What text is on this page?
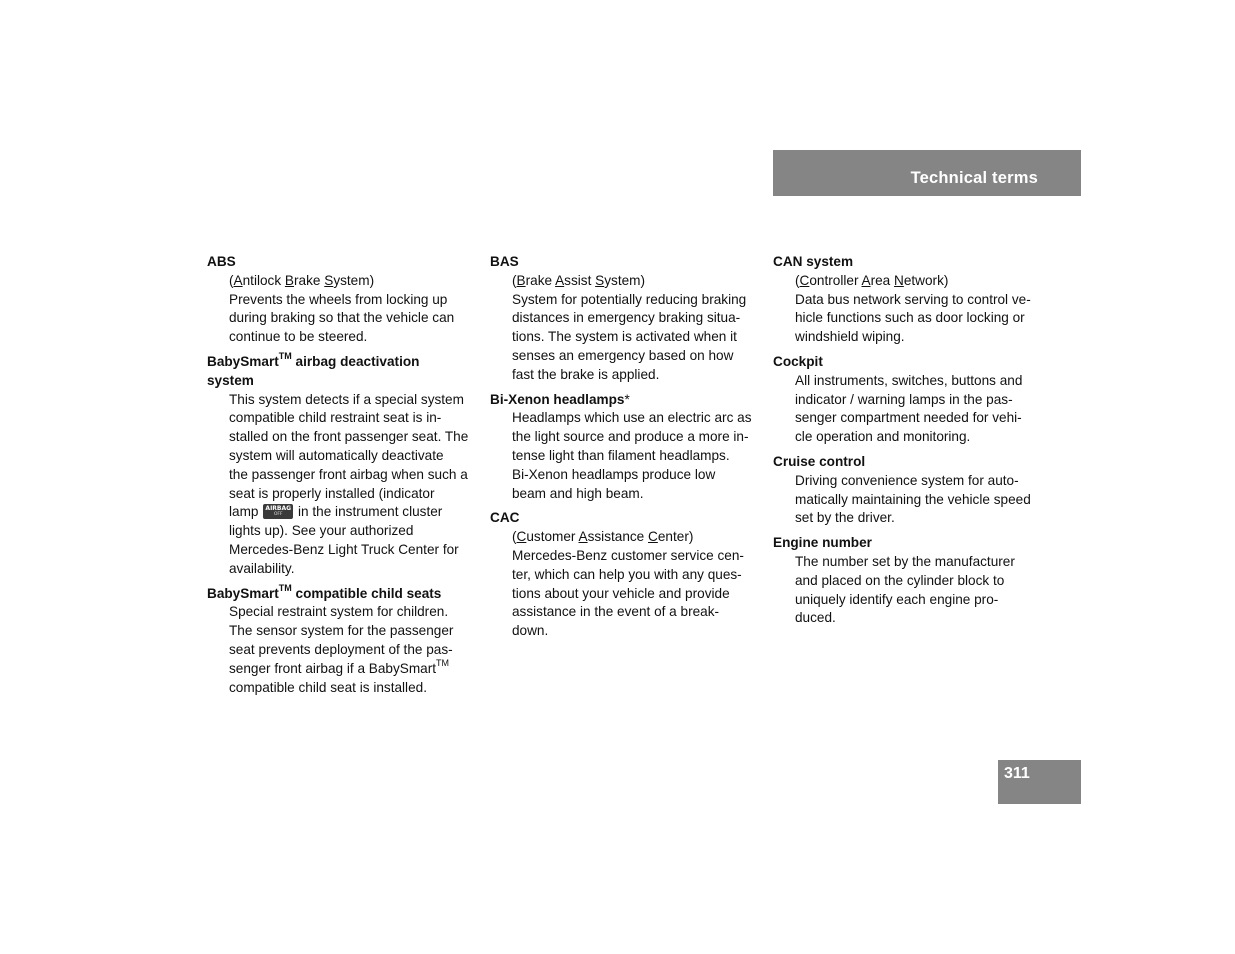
Technical terms
ABS
(Antilock Brake System)
Prevents the wheels from locking up
during braking so that the vehicle can
continue to be steered.
BabySmart™ airbag deactivation
system
This system detects if a special system
compatible child restraint seat is in-
stalled on the front passenger seat. The
system will automatically deactivate
the passenger front airbag when such a
seat is properly installed (indicator
lamp AIRBAG OFF	in the instrument cluster
lights up). See your authorized
Mercedes-Benz Light Truck Center for
availability.
BabySmart™ compatible child seats
Special restraint system for children.
The sensor system for the passenger
seat prevents deployment of the pas-
senger front airbag if a BabySmart™
compatible child seat is installed.
BAS
(Brake Assist System)
System for potentially reducing braking
distances in emergency braking situa-
tions. The system is activated when it
senses an emergency based on how
fast the brake is applied.
Bi-Xenon headlamps*
Headlamps which use an electric arc as
the light source and produce a more in-
tense light than filament headlamps.
Bi-Xenon headlamps produce low
beam and high beam.
CAC
(Customer Assistance Center)
Mercedes-Benz customer service cen-
ter, which can help you with any ques-
tions about your vehicle and provide
assistance in the event of a break-
down.
CAN system
(Controller Area Network)
Data bus network serving to control ve-
hicle functions such as door locking or
windshield wiping.
Cockpit
All instruments, switches, buttons and
indicator / warning lamps in the pas-
senger compartment needed for vehi-
cle operation and monitoring.
Cruise control
Driving convenience system for auto-
matically maintaining the vehicle speed
set by the driver.
Engine number
The number set by the manufacturer
and placed on the cylinder block to
uniquely identify each engine pro-
duced.
311
